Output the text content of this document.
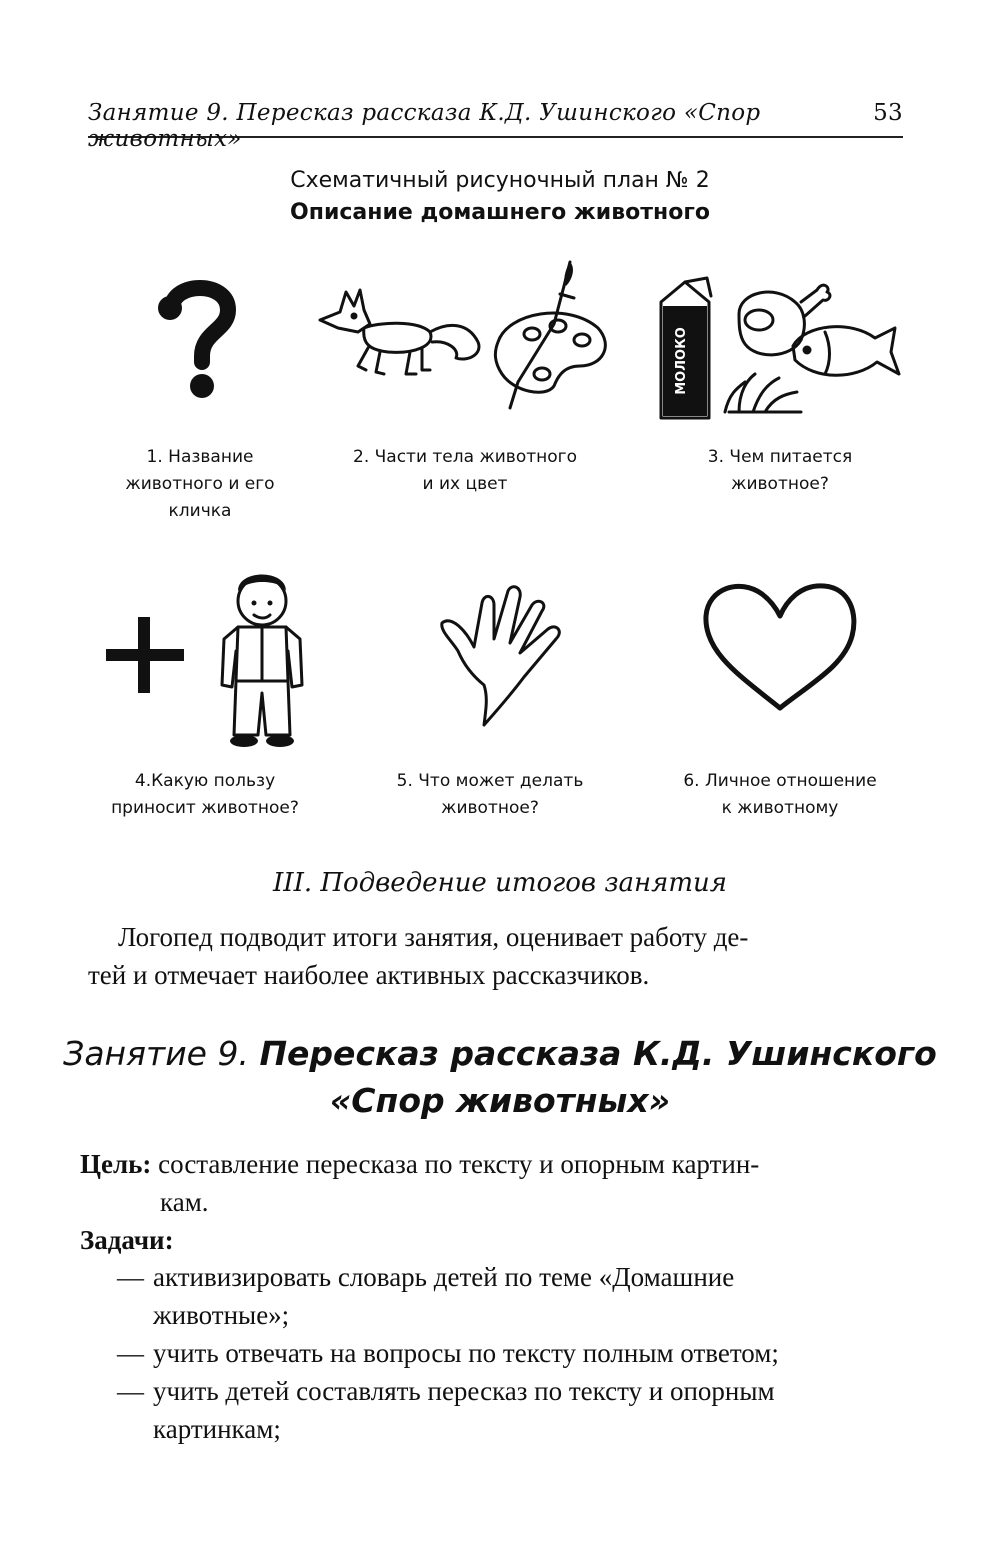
Занятие 9. Пересказ рассказа К.Д. Ушинского «Спор животных»
53
Схематичный рисуночный план № 2
Описание домашнего животного
МОЛОКО
1. Название
животного и его
кличка
2. Части тела животного
и их цвет
3. Чем питается
животное?
4.Какую пользу
приносит животное?
5. Что может делать
животное?
6. Личное отношение
к животному
III. Подведение итогов занятия
Логопед подводит итоги занятия, оценивает работу де-
тей и отмечает наиболее активных рассказчиков.
Занятие 9. Пересказ рассказа К.Д. Ушинского
«Спор животных»
Цель: составление пересказа по тексту и опорным картин-
кам.
Задачи:
— активизировать словарь детей по теме «Домашние
животные»;
— учить отвечать на вопросы по тексту полным ответом;
— учить детей составлять пересказ по тексту и опорным
картинкам;
